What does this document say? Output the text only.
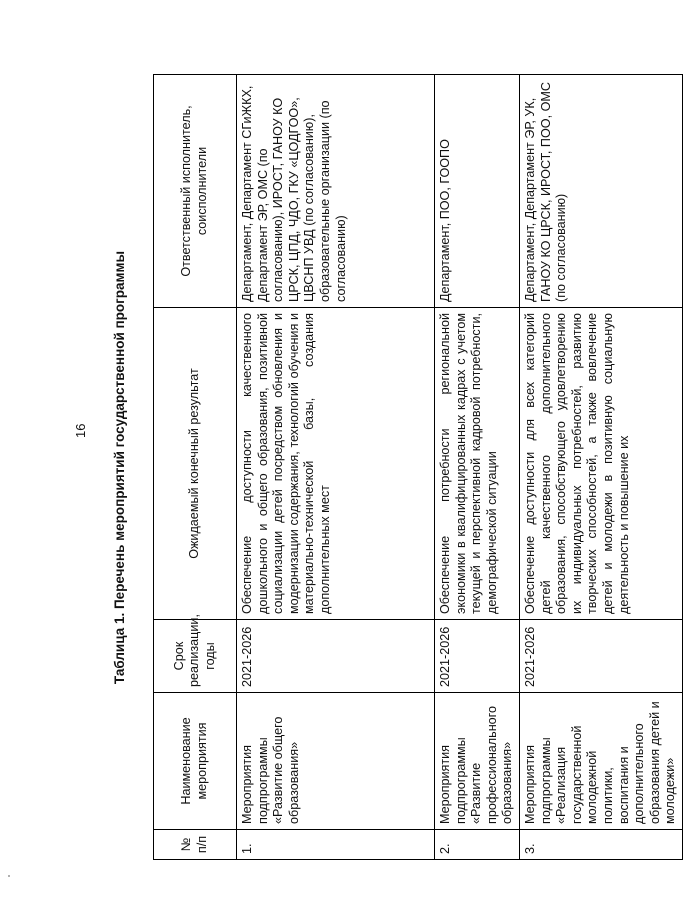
16 Таблица 1. Перечень мероприятий государственной программы
№ п/п	Наименование мероприятия	Срок реализации, годы	Ожидаемый конечный результат	Ответственный исполнитель, соисполнители
1.	Мероприятия подпрограммы «Развитие общего образования»	2021-2026	Обеспечение доступности качественного дошкольного и общего образования, позитивной социализации детей посредством обновления и модернизации содержания, технологий обучения и материально-технической базы, создания дополнительных мест	Департамент, Департамент СГиЖКХ, Департамент ЭР, ОМС (по согласованию), ИРОСТ, ГАНОУ КО ЦРСК, ЦПД, ЧДО, ГКУ «ЦОДГОО», ЦВСНП УВД (по согласованию), образовательные организации (по согласованию)
2.	Мероприятия подпрограммы «Развитие профессионального образования»	2021-2026	Обеспечение потребности региональной экономики в квалифицированных кадрах с учетом текущей и перспективной кадровой потребности, демографической ситуации	Департамент, ПОО, ГООПО
3.	Мероприятия подпрограммы «Реализация государственной молодежной политики, воспитания и дополнительного образования детей и молодежи»	2021-2026	Обеспечение доступности для всех категорий детей качественного дополнительного образования, способствующего удовлетворению их индивидуальных потребностей, развитию творческих способностей, а также вовлечение детей и молодежи в позитивную социальную деятельность и повышение их	Департамент, Департамент ЭР, УК, ГАНОУ КО ЦРСК, ИРОСТ, ПОО, ОМС (по согласованию)
